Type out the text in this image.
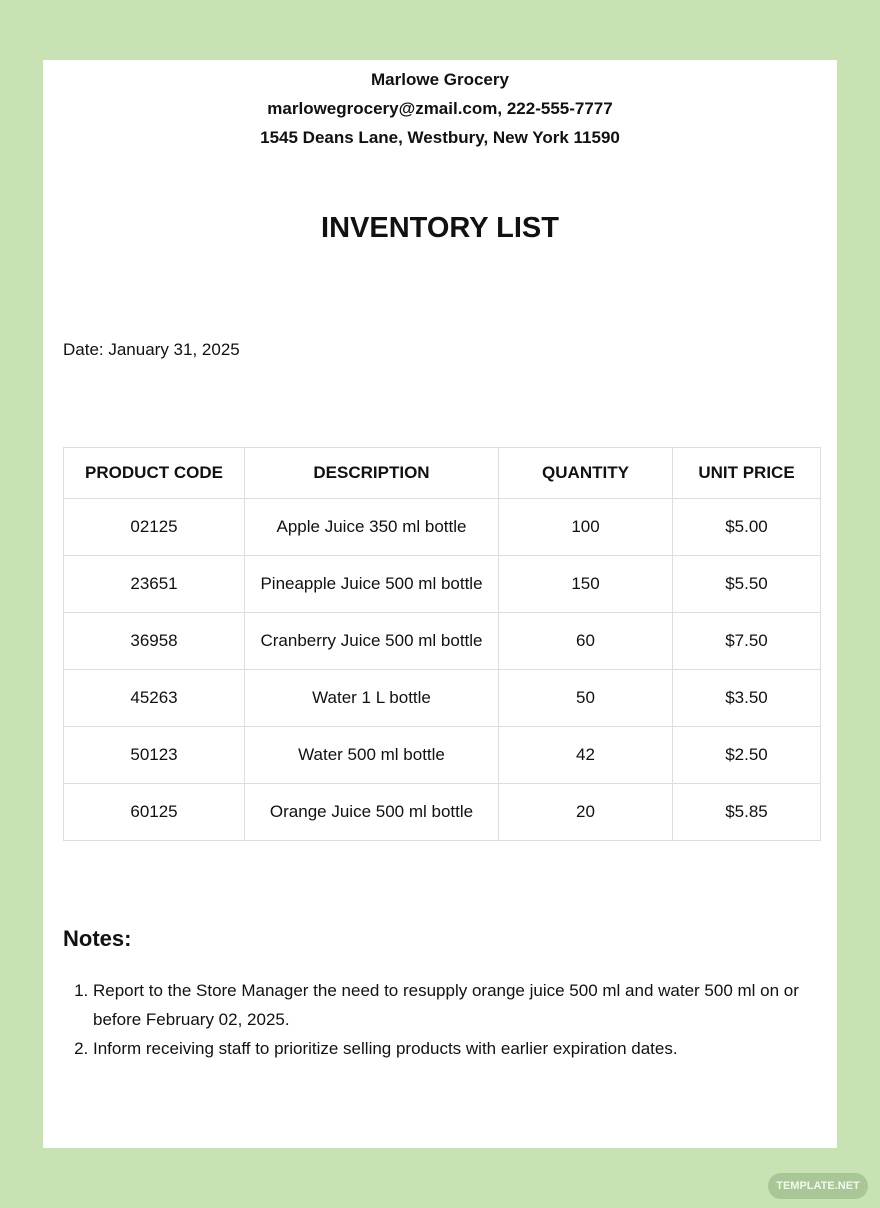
Marlowe Grocery
marlowegrocery@zmail.com, 222-555-7777
1545 Deans Lane, Westbury, New York 11590
INVENTORY LIST
Date: January 31, 2025
PRODUCT CODE	DESCRIPTION	QUANTITY	UNIT PRICE
02125	Apple Juice 350 ml bottle	100	$5.00
23651	Pineapple Juice 500 ml bottle	150	$5.50
36958	Cranberry Juice 500 ml bottle	60	$7.50
45263	Water 1 L bottle	50	$3.50
50123	Water 500 ml bottle	42	$2.50
60125	Orange Juice 500 ml bottle	20	$5.85
Notes:
1. Report to the Store Manager the need to resupply orange juice 500 ml and water 500 ml on or before February 02, 2025.
2. Inform receiving staff to prioritize selling products with earlier expiration dates.
TEMPLATE.NET
